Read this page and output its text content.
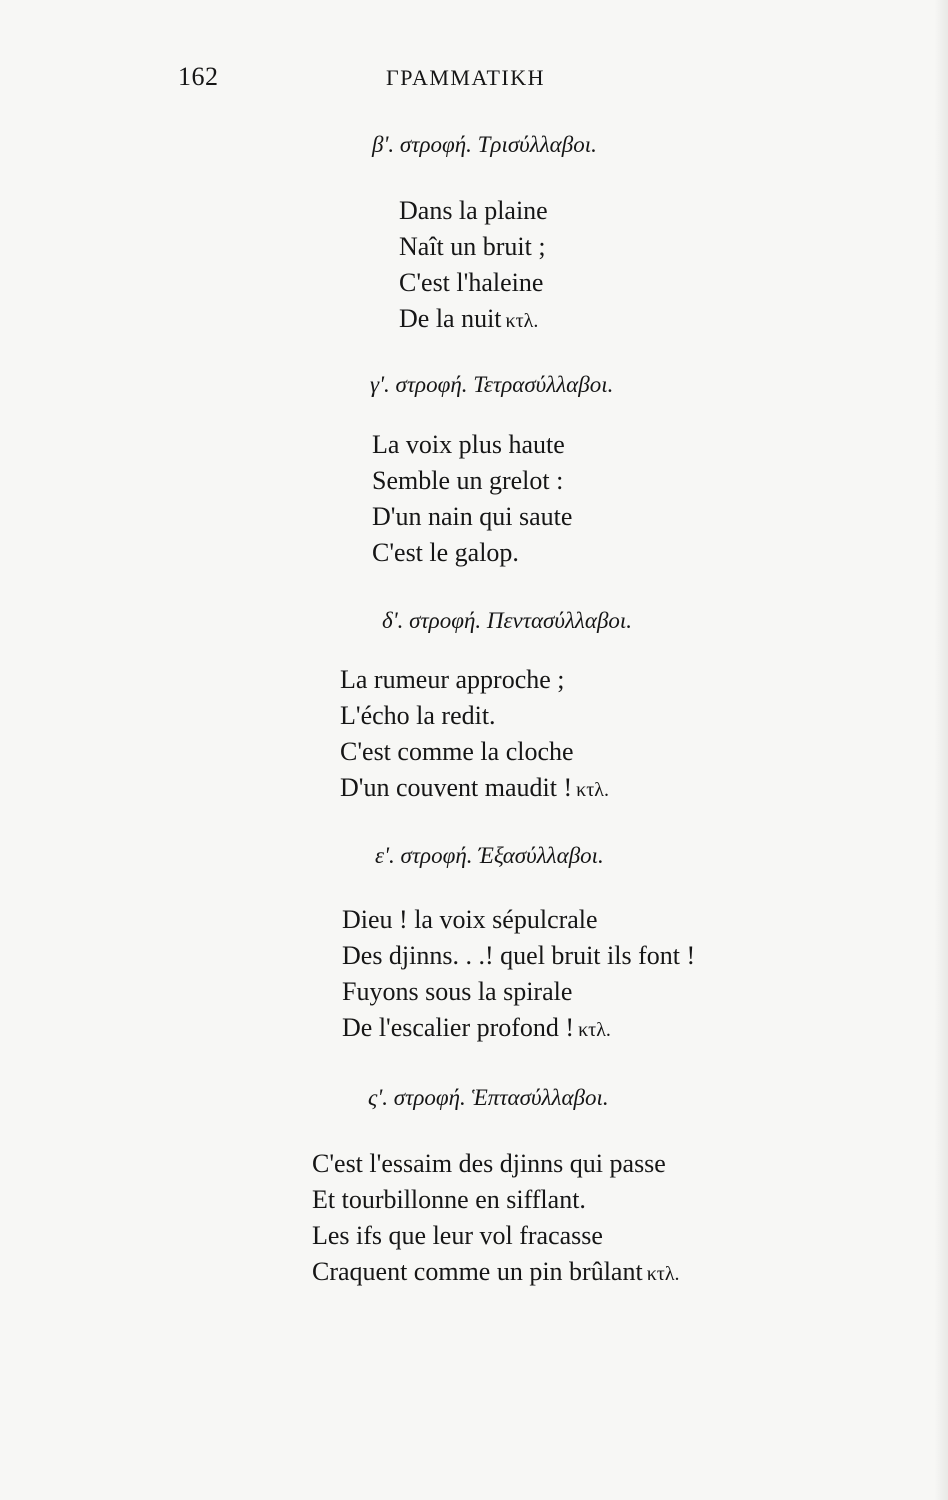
162	ΓΡΑΜΜΑΤΙΚΗ
β'. στροφή. Τρισύλλαβοι.
Dans la plaine
Naît un bruit ;
C'est l'haleine
De la nuit κτλ.
γ'. στροφή. Τετρασύλλαβοι.
La voix plus haute
Semble un grelot :
D'un nain qui saute
C'est le galop.
δ'. στροφή. Πεντασύλλαβοι.
La rumeur approche ;
L'écho la redit.
C'est comme la cloche
D'un couvent maudit ! κτλ.
ε'. στροφή. Έξασύλλαβοι.
Dieu ! la voix sépulcrale
Des djinns. . .! quel bruit ils font !
Fuyons sous la spirale
De l'escalier profond ! κτλ.
ς'. στροφή. Ἑπτασύλλαβοι.
C'est l'essaim des djinns qui passe
Et tourbillonne en sifflant.
Les ifs que leur vol fracasse
Craquent comme un pin brûlant κτλ.
